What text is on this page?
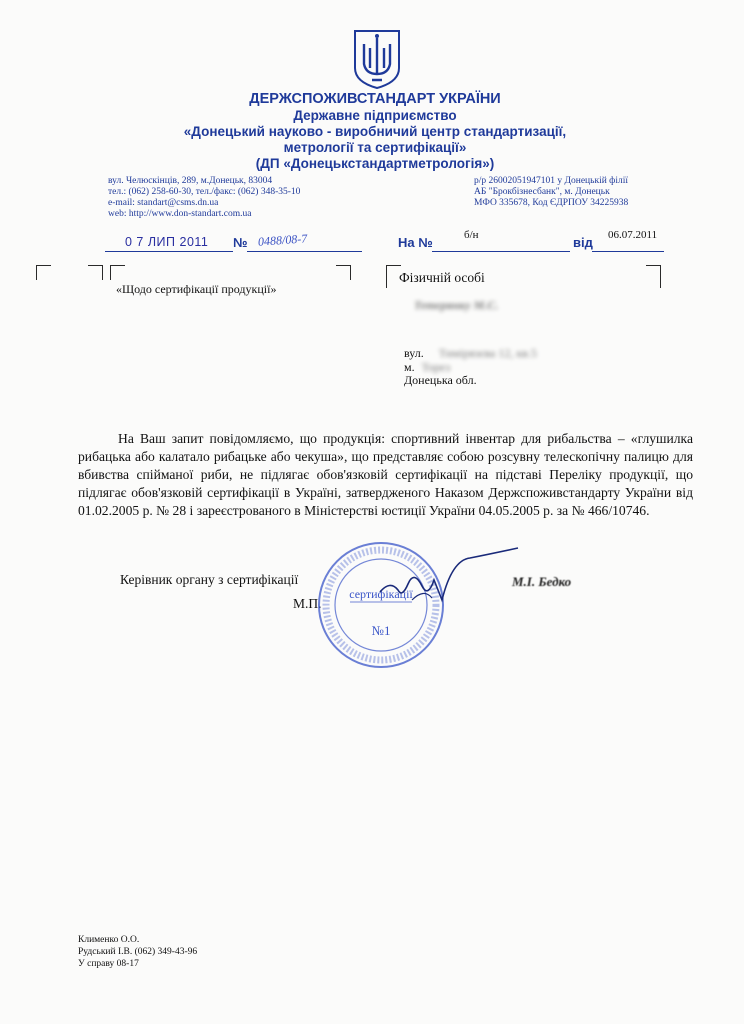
ДЕРЖСПОЖИВСТАНДАРТ УКРАЇНИ
Державне підприємство
«Донецький науково - виробничий центр стандартизації,
метрології та сертифікації»
(ДП «Донецькстандартметрологія»)
вул. Челюскінців, 289, м.Донецьк, 83004
тел.: (062) 258-60-30, тел./факс: (062) 348-35-10
e-mail: standart@csms.dn.ua
web: http://www.don-standart.com.ua
р/р 26002051947101 у Донецькій філії
АБ "Брокбізнесбанк", м. Донецьк
МФО 335678, Код ЄДРПОУ 34225938
0 7 ЛИП 2011 № 0488/08-7	На №	б/н	від 06.07.2011
«Щодо сертифікації продукції»
Фізичній особі
Тетерянку М.С.
вул. Тимірязєва 12, кв.5
м. Торез
Донецька обл.
На Ваш запит повідомляємо, що продукція: спортивний інвентар для рибальства – «глушилка рибацька або калатало рибацьке або чекуша», що представляє собою розсувну телескопічну палицю для вбивства спійманої риби, не підлягає обов'язковій сертифікації на підставі Переліку продукції, що підлягає обов'язковій сертифікації в Україні, затвердженого Наказом Держспоживстандарту України від 01.02.2005 р. № 28 і зареєстрованого в Міністерстві юстиції України 04.05.2005 р. за № 466/10746.
Керівник органу з сертифікації
М.П.
М.І. Бедко
сертифікації
№1
Клименко О.О.
Рудський І.В. (062) 349-43-96
У справу 08-17
